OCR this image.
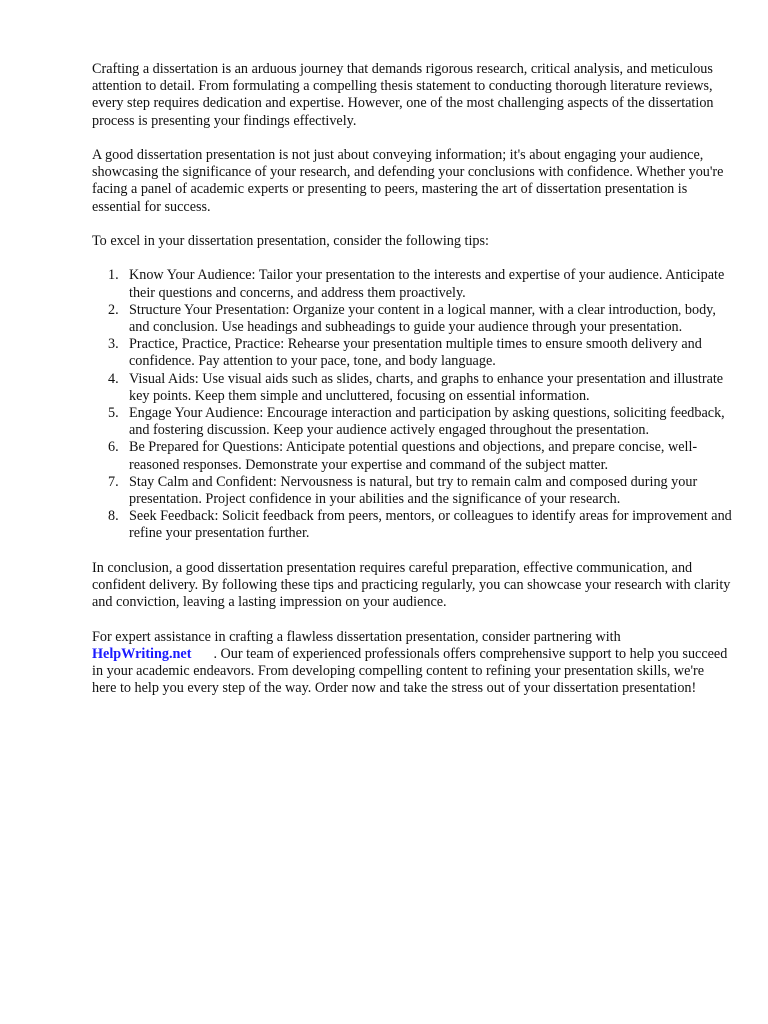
Crafting a dissertation is an arduous journey that demands rigorous research, critical analysis, and meticulous attention to detail. From formulating a compelling thesis statement to conducting thorough literature reviews, every step requires dedication and expertise. However, one of the most challenging aspects of the dissertation process is presenting your findings effectively.

A good dissertation presentation is not just about conveying information; it's about engaging your audience, showcasing the significance of your research, and defending your conclusions with confidence. Whether you're facing a panel of academic experts or presenting to peers, mastering the art of dissertation presentation is essential for success.

To excel in your dissertation presentation, consider the following tips:

1. Know Your Audience: Tailor your presentation to the interests and expertise of your audience. Anticipate their questions and concerns, and address them proactively.
2. Structure Your Presentation: Organize your content in a logical manner, with a clear introduction, body, and conclusion. Use headings and subheadings to guide your audience through your presentation.
3. Practice, Practice, Practice: Rehearse your presentation multiple times to ensure smooth delivery and confidence. Pay attention to your pace, tone, and body language.
4. Visual Aids: Use visual aids such as slides, charts, and graphs to enhance your presentation and illustrate key points. Keep them simple and uncluttered, focusing on essential information.
5. Engage Your Audience: Encourage interaction and participation by asking questions, soliciting feedback, and fostering discussion. Keep your audience actively engaged throughout the presentation.
6. Be Prepared for Questions: Anticipate potential questions and objections, and prepare concise, well-reasoned responses. Demonstrate your expertise and command of the subject matter.
7. Stay Calm and Confident: Nervousness is natural, but try to remain calm and composed during your presentation. Project confidence in your abilities and the significance of your research.
8. Seek Feedback: Solicit feedback from peers, mentors, or colleagues to identify areas for improvement and refine your presentation further.

In conclusion, a good dissertation presentation requires careful preparation, effective communication, and confident delivery. By following these tips and practicing regularly, you can showcase your research with clarity and conviction, leaving a lasting impression on your audience.

For expert assistance in crafting a flawless dissertation presentation, consider partnering with HelpWriting.net . Our team of experienced professionals offers comprehensive support to help you succeed in your academic endeavors. From developing compelling content to refining your presentation skills, we're here to help you every step of the way. Order now and take the stress out of your dissertation presentation!
